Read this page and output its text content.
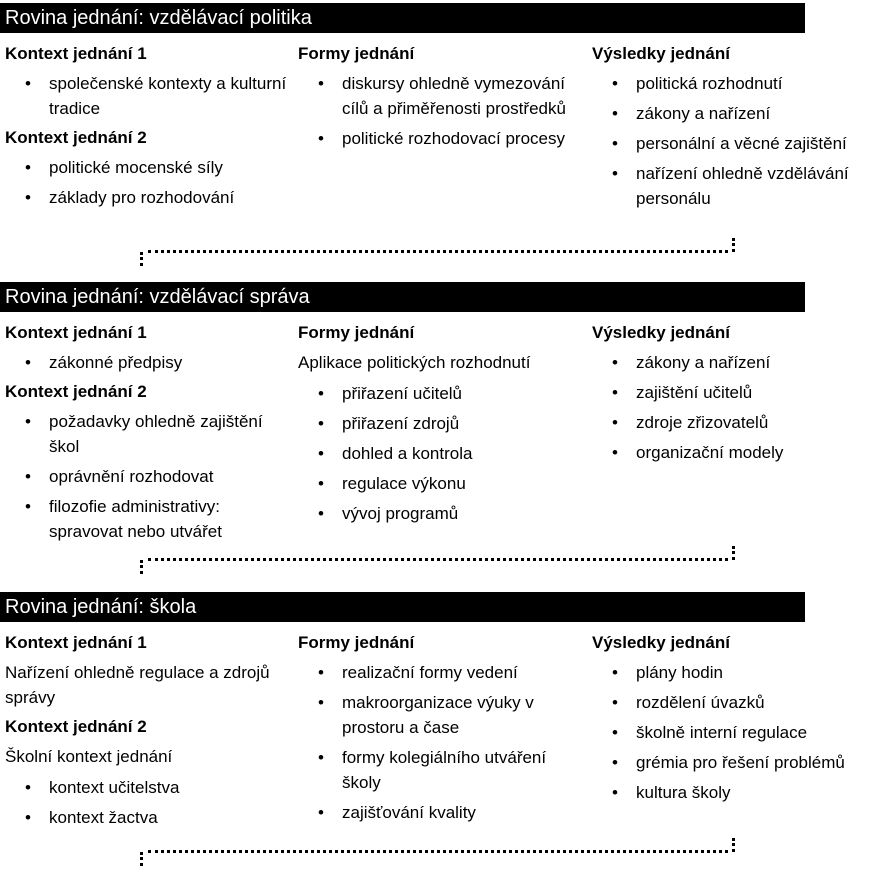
Rovina jednání: vzdělávací politika
Kontext jednání 1
• společenské kontexty a kulturní tradice
Kontext jednání 2
• politické mocenské síly
• základy pro rozhodování
Formy jednání
• diskursy ohledně vymezování cílů a přiměřenosti prostředků
• politické rozhodovací procesy
Výsledky jednání
• politická rozhodnutí
• zákony a nařízení
• personální a věcné zajištění
• nařízení ohledně vzdělávání personálu
Rovina jednání: vzdělávací správa
Kontext jednání 1
• zákonné předpisy
Kontext jednání 2
• požadavky ohledně zajištění škol
• oprávnění rozhodovat
• filozofie administrativy: spravovat nebo utvářet
Formy jednání

Aplikace politických rozhodnutí

• přiřazení učitelů
• přiřazení zdrojů
• dohled a kontrola
• regulace výkonu
• vývoj programů
Výsledky jednání
• zákony a nařízení
• zajištění učitelů
• zdroje zřizovatelů
• organizační modely
Rovina jednání: škola
Kontext jednání 1

Nařízení ohledně regulace a zdrojů správy

Kontext jednání 2

Školní kontext jednání

• kontext učitelstva
• kontext žactva
Formy jednání
• realizační formy vedení
• makroorganizace výuky v prostoru a čase
• formy kolegiálního utváření školy
• zajišťování kvality
Výsledky jednání
• plány hodin
• rozdělení úvazků
• školně interní regulace
• grémia pro řešení problémů
• kultura školy
